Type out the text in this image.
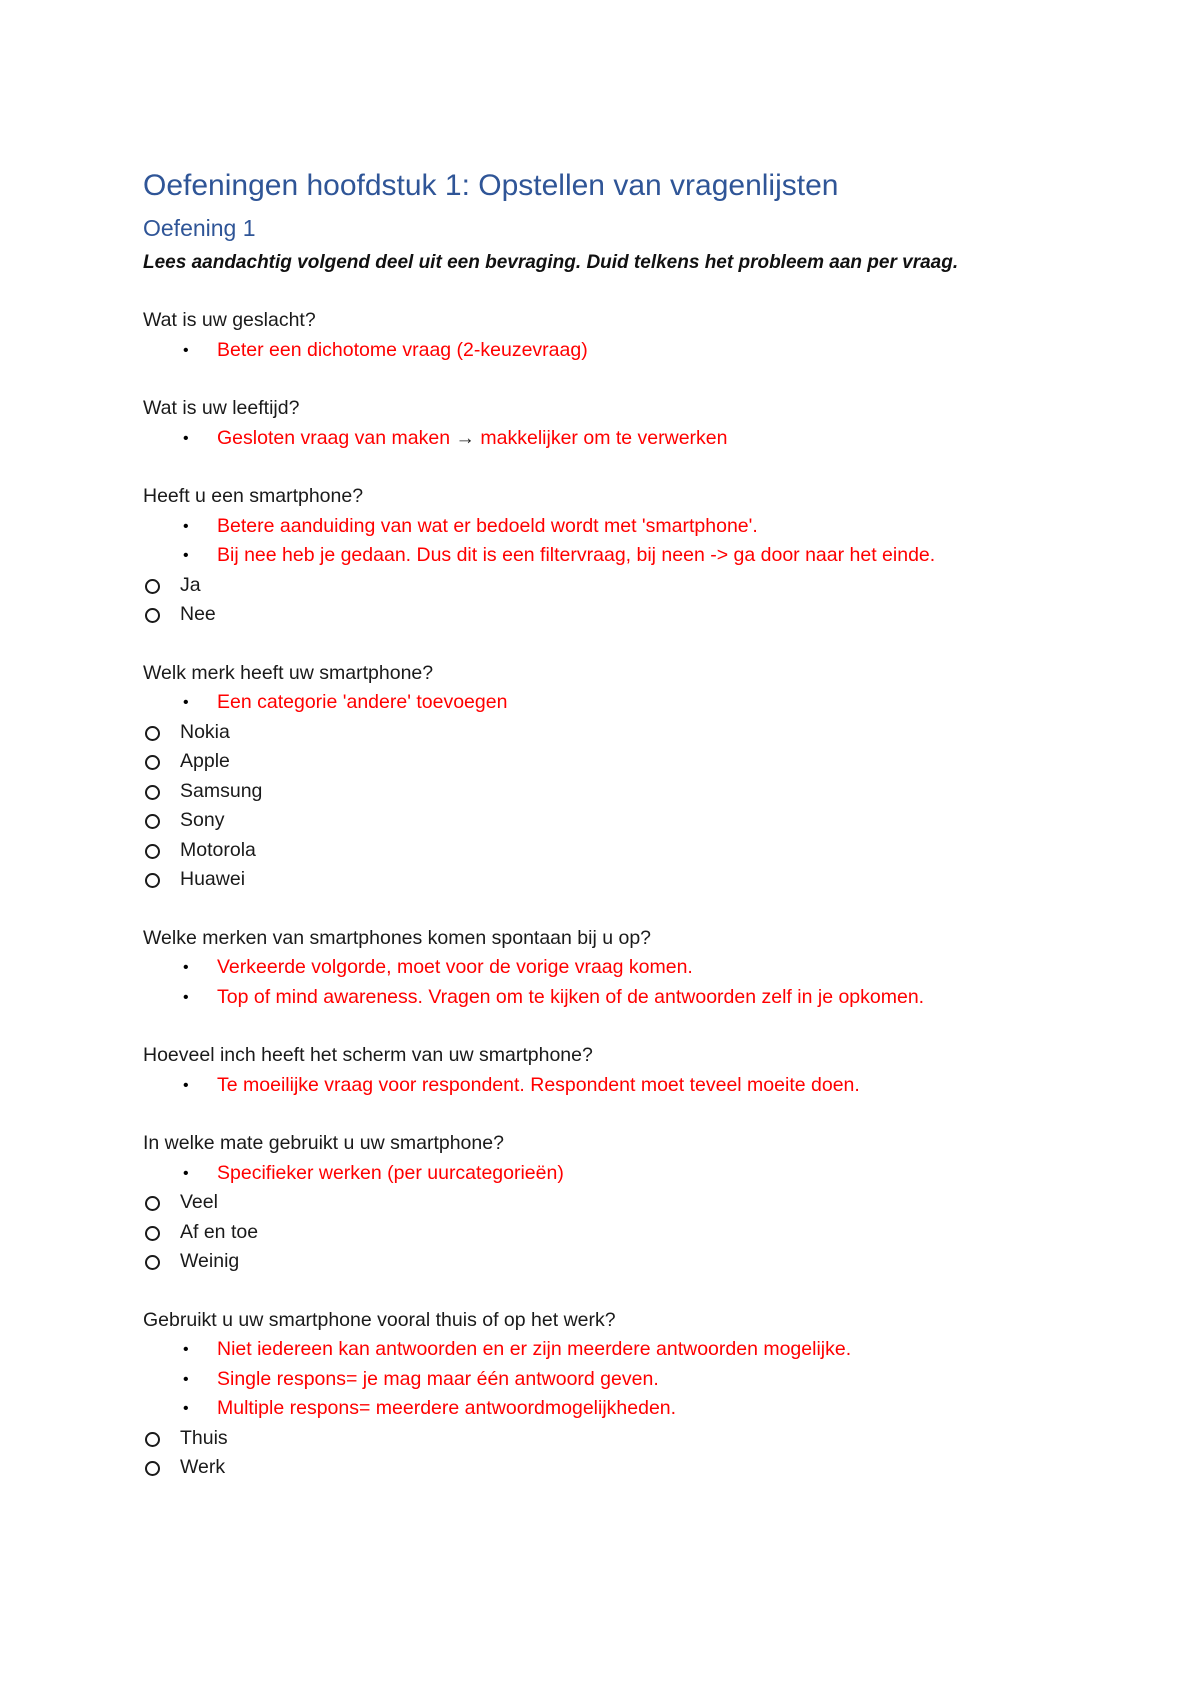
Oefeningen hoofdstuk 1: Opstellen van vragenlijsten
Oefening 1

Lees aandachtig volgend deel uit een bevraging. Duid telkens het probleem aan per vraag.

Wat is uw geslacht?

• Beter een dichotome vraag (2-keuzevraag)

Wat is uw leeftijd?

• Gesloten vraag van maken → makkelijker om te verwerken

Heeft u een smartphone?

• Betere aanduiding van wat er bedoeld wordt met 'smartphone'.

• Bij nee heb je gedaan. Dus dit is een filtervraag, bij neen -> ga door naar het einde.

Ja

Nee

Welk merk heeft uw smartphone?

• Een categorie 'andere' toevoegen

Nokia

Apple

Samsung

Sony

Motorola

Huawei

Welke merken van smartphones komen spontaan bij u op?

• Verkeerde volgorde, moet voor de vorige vraag komen.

• Top of mind awareness. Vragen om te kijken of de antwoorden zelf in je opkomen.

Hoeveel inch heeft het scherm van uw smartphone?

• Te moeilijke vraag voor respondent. Respondent moet teveel moeite doen.

In welke mate gebruikt u uw smartphone?

• Specifieker werken (per uurcategorieën)

Veel

Af en toe

Weinig

Gebruikt u uw smartphone vooral thuis of op het werk?

• Niet iedereen kan antwoorden en er zijn meerdere antwoorden mogelijke.

• Single respons= je mag maar één antwoord geven.

• Multiple respons= meerdere antwoordmogelijkheden.

Thuis

Werk
